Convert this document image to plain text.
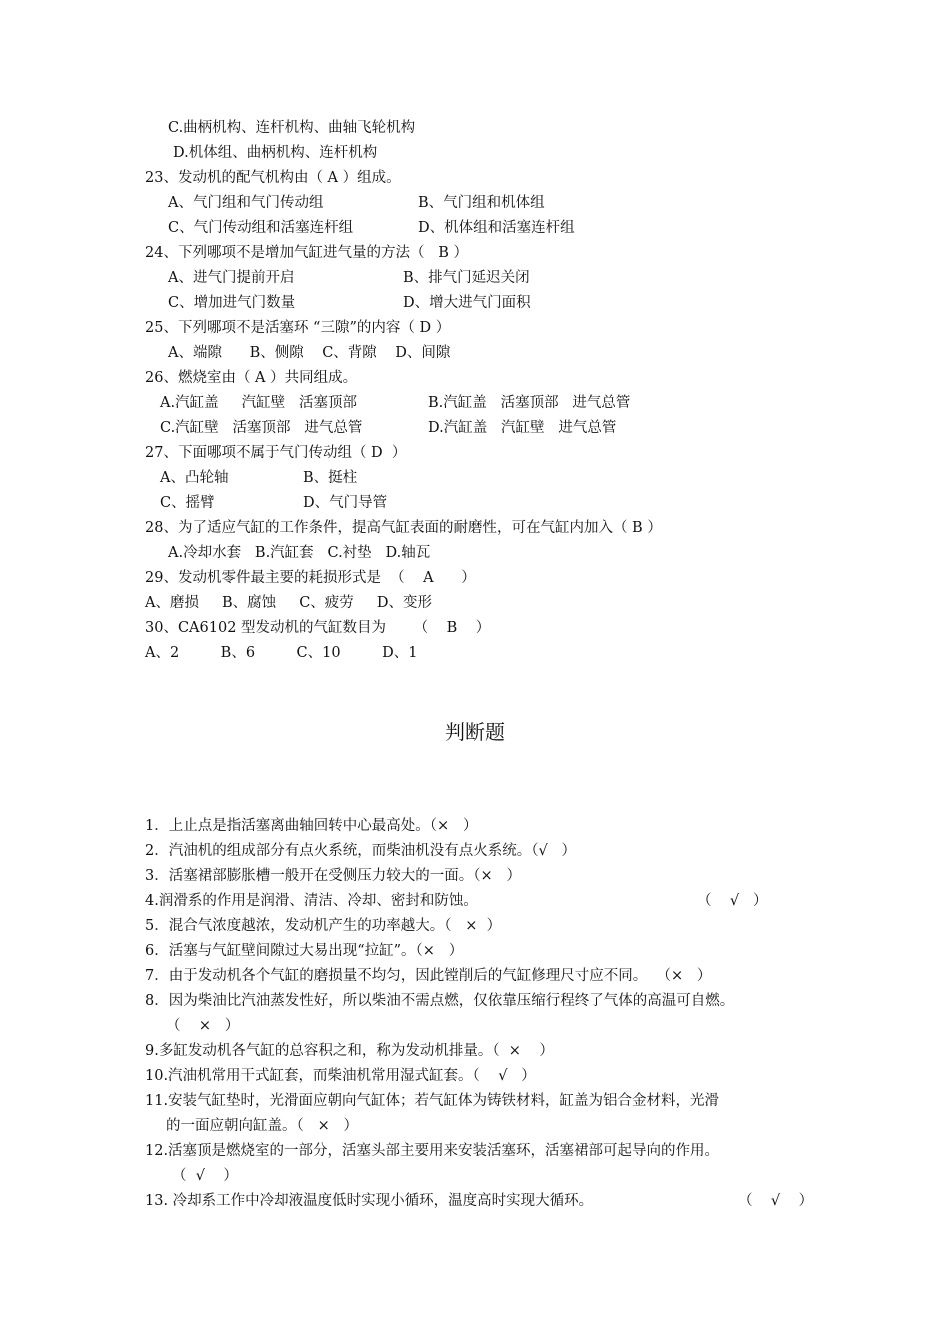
C.曲柄机构、连杆机构、曲轴飞轮机构
D.机体组、曲柄机构、连杆机构
23、发动机的配气机构由（ A ）组成。
A、气门组和气门传动组	B、气门组和机体组
C、气门传动组和活塞连杆组	D、机体组和活塞连杆组
24、下列哪项不是增加气缸进气量的方法（   B ）
A、进气门提前开启	B、排气门延迟关闭
C、增加进气门数量	D、增大进气门面积
25、下列哪项不是活塞环 “三隙”的内容（ D ）
A、端隙      B、侧隙    C、背隙    D、间隙
26、燃烧室由（ A ）共同组成。
A.汽缸盖     汽缸壁   活塞顶部	B.汽缸盖   活塞顶部   进气总管
C.汽缸壁   活塞顶部   进气总管	D.汽缸盖   汽缸壁   进气总管
27、下面哪项不属于气门传动组（ D  ）
A、凸轮轴	B、挺柱
C、摇臂	D、气门导管
28、为了适应气缸的工作条件，提高气缸表面的耐磨性，可在气缸内加入（ B ）
A.冷却水套   B.汽缸套   C.衬垫   D.轴瓦
29、发动机零件最主要的耗损形式是  （    A      ）
A、磨损     B、腐蚀     C、疲劳     D、变形
30、CA6102 型发动机的气缸数目为      （    B    ）
A、2         B、6         C、10         D、1
判断题
1．上止点是指活塞离曲轴回转中心最高处。（×   ）
2．汽油机的组成部分有点火系统，而柴油机没有点火系统。（√   ）
3．活塞裙部膨胀槽一般开在受侧压力较大的一面。（×   ）
4.润滑系的作用是润滑、清洁、冷却、密封和防蚀。	（    √   ）
5．混合气浓度越浓，发动机产生的功率越大。（   ×  ）
6．活塞与气缸壁间隙过大易出现“拉缸”。（×   ）
7．由于发动机各个气缸的磨损量不均匀，因此镗削后的气缸修理尺寸应不同。  （×   ）
8．因为柴油比汽油蒸发性好，所以柴油不需点燃，仅依靠压缩行程终了气体的高温可自燃。
（    ×   ）
9.多缸发动机各气缸的总容积之和，称为发动机排量。（  ×    ）
10.汽油机常用干式缸套，而柴油机常用湿式缸套。（    √   ）
11.安装气缸垫时，光滑面应朝向气缸体；若气缸体为铸铁材料，缸盖为铝合金材料，光滑
的一面应朝向缸盖。（   ×   ）
12.活塞顶是燃烧室的一部分，活塞头部主要用来安装活塞环，活塞裙部可起导向的作用。
（  √    ）
13. 冷却系工作中冷却液温度低时实现小循环，温度高时实现大循环。	（    √    ）
